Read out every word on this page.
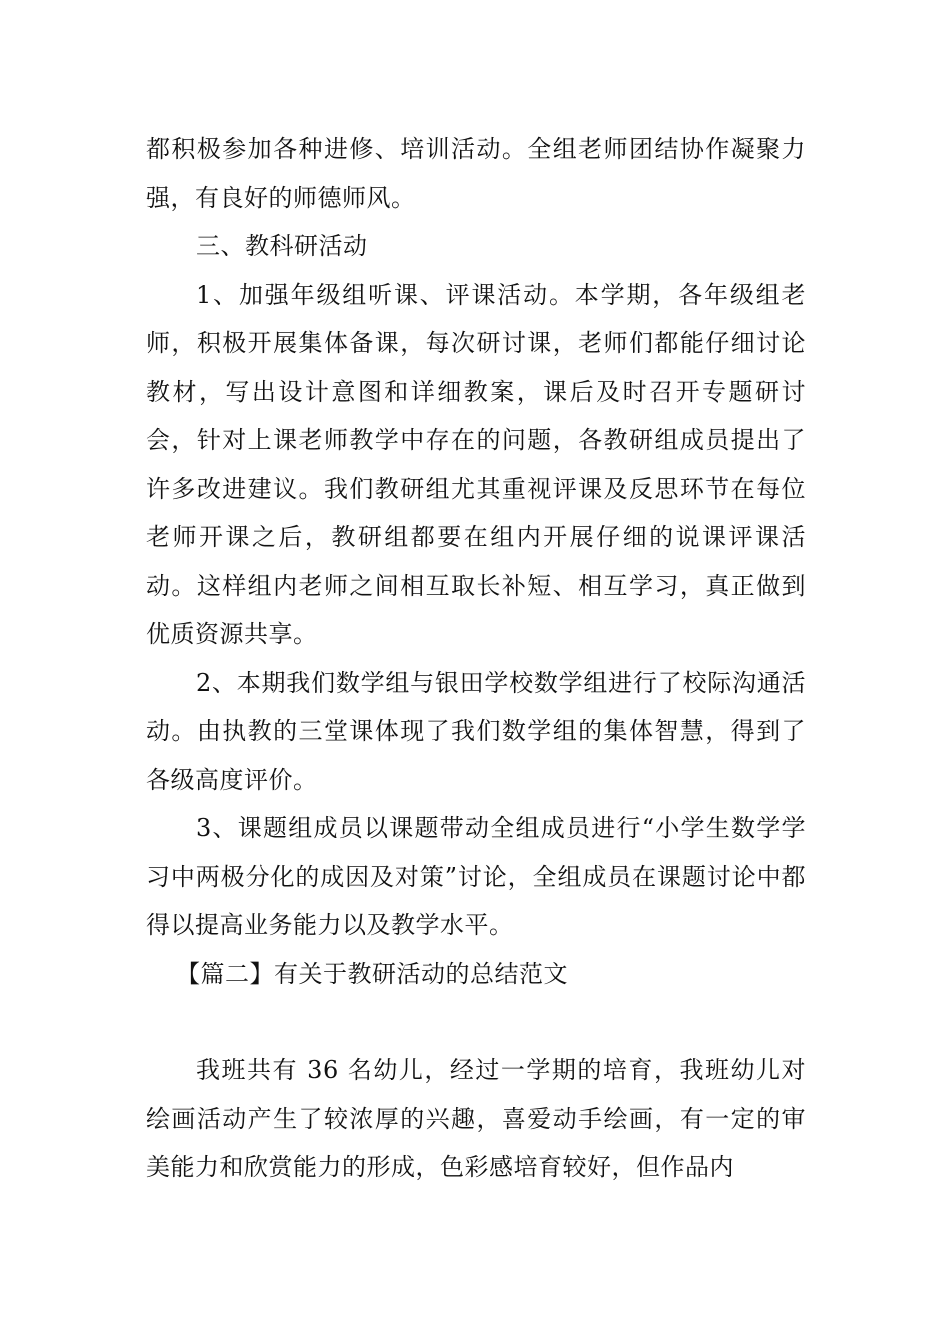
都积极参加各种进修、培训活动。全组老师团结协作凝聚力强，有良好的师德师风。

三、教科研活动

1、加强年级组听课、评课活动。本学期，各年级组老师，积极开展集体备课，每次研讨课，老师们都能仔细讨论教材，写出设计意图和详细教案，课后及时召开专题研讨会，针对上课老师教学中存在的问题，各教研组成员提出了许多改进建议。我们教研组尤其重视评课及反思环节在每位老师开课之后，教研组都要在组内开展仔细的说课评课活动。这样组内老师之间相互取长补短、相互学习，真正做到优质资源共享。

2、本期我们数学组与银田学校数学组进行了校际沟通活动。由执教的三堂课体现了我们数学组的集体智慧，得到了各级高度评价。

3、课题组成员以课题带动全组成员进行“小学生数学学习中两极分化的成因及对策”讨论，全组成员在课题讨论中都得以提高业务能力以及教学水平。

【篇二】有关于教研活动的总结范文

我班共有 36 名幼儿，经过一学期的培育，我班幼儿对绘画活动产生了较浓厚的兴趣，喜爱动手绘画，有一定的审美能力和欣赏能力的形成，色彩感培育较好，但作品内
